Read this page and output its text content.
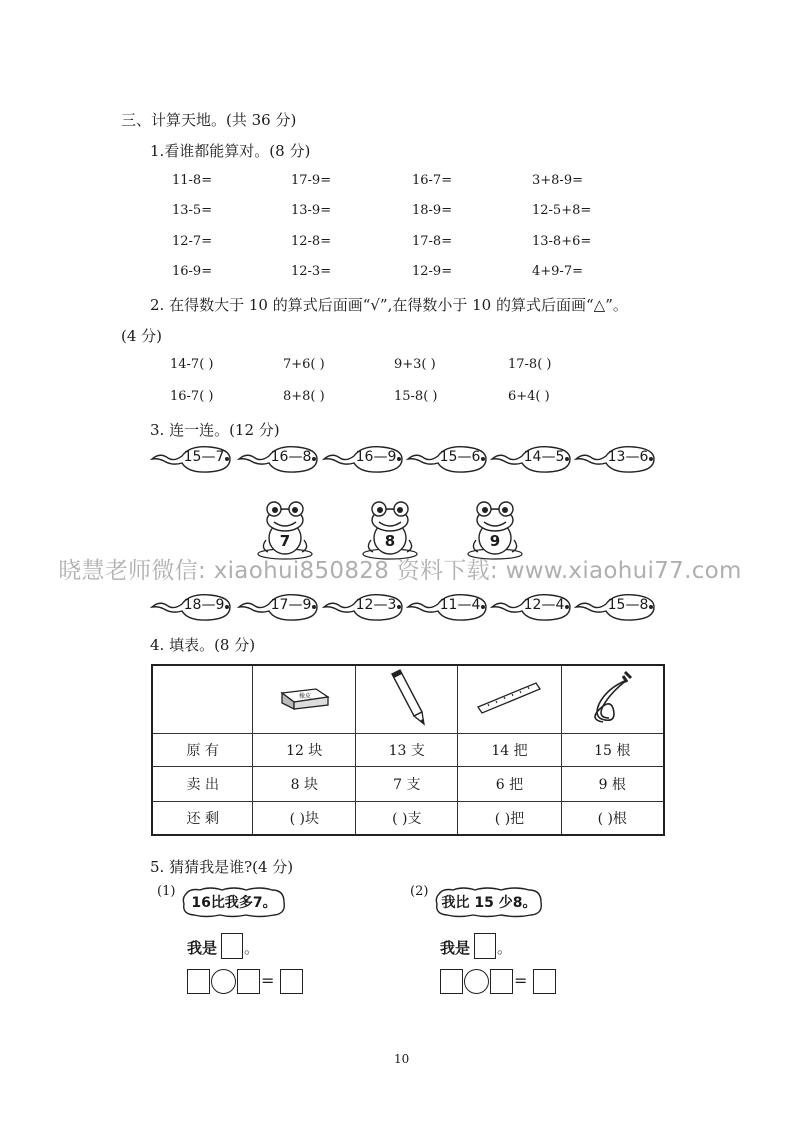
三、计算天地。(共 36 分)
1.看谁都能算对。(8 分)
11-8=	17-9=	16-7=	3+8-9=
13-5=	13-9=	18-9=	12-5+8=
12-7=	12-8=	17-8=	13-8+6=
16-9=	12-3=	12-9=	4+9-7=
2. 在得数大于 10 的算式后面画“√”,在得数小于 10 的算式后面画“△”。
(4 分)
14-7( )	7+6( )	9+3( )	17-8( )
16-7( )	8+8( )	15-8( )	6+4( )
3. 连一连。(12 分)
15—7	16—8	16—9	15—6	14—5	13—6
7	8	9
晓慧老师微信: xiaohui850828 资料下载: www.xiaohui77.com
18—9	17—9	12—3	11—4	12—4	15—8
4. 填表。(8 分)

橡皮

原 有	12 块	13 支	14 把	15 根
卖 出	8 块	7 支	6 把	9 根
还 剩	( )块	( )支	( )把	( )根
5. 猜猜我是谁?(4 分)
(1)
16比我多7。
我是 。
=
(2)
我比 15 少8。
我是 。
=
10
